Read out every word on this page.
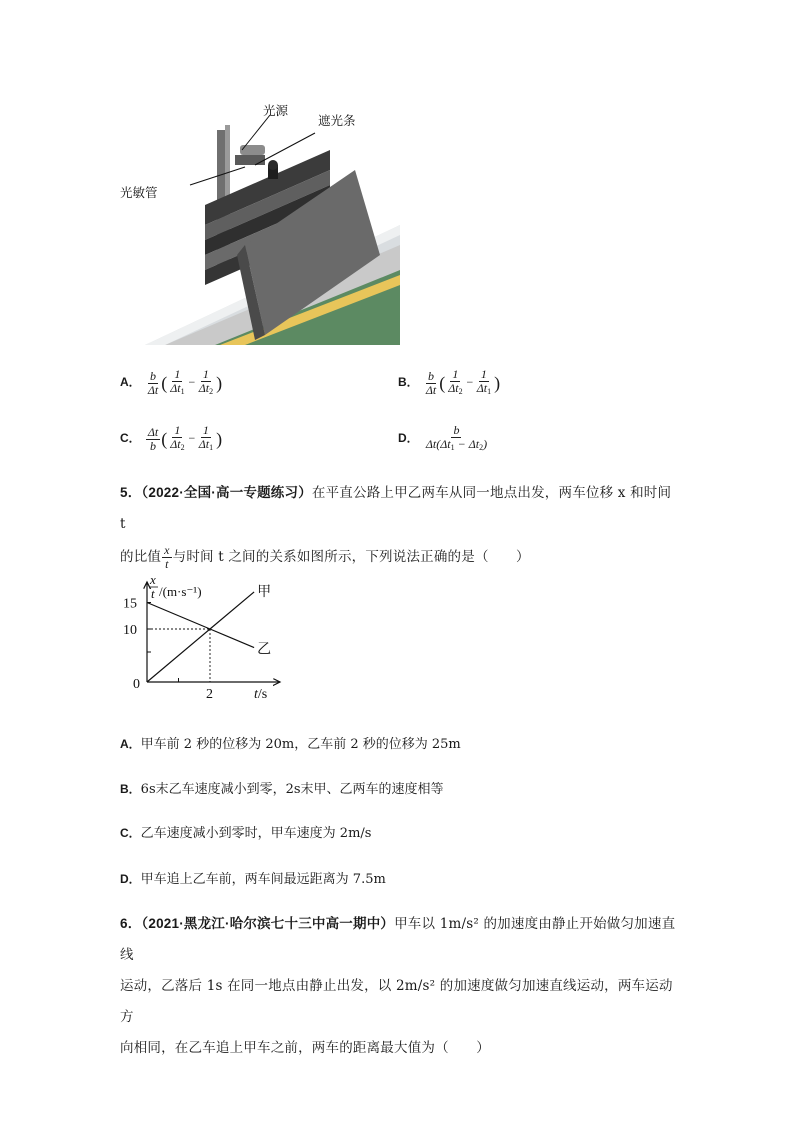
光源
遮光条
光敏管
A． $\frac{b}{\Delta t}$ ( $\frac{1}{\Delta t_1} - \frac{1}{\Delta t_2}$ )	B． $\frac{b}{\Delta t}$ ( $\frac{1}{\Delta t_2} - \frac{1}{\Delta t_1}$ )
C． $\frac{\Delta t}{b}$ ( $\frac{1}{\Delta t_2} - \frac{1}{\Delta t_1}$ )	D． $\frac{b}{\Delta t(\Delta t_1 - \Delta t_2)}$
5．（2022·全国·高一专题练习）在平直公路上甲乙两车从同一地点出发，两车位移 x 和时间 t
的比值 $\frac{x}{t}$ 与时间 t 之间的关系如图所示，下列说法正确的是（　　）
甲
乙
15
10
0
2	t/s
x
t /(m·s⁻¹)
A．甲车前 2 秒的位移为 20m，乙车前 2 秒的位移为 25m
B．6s末乙车速度减小到零，2s末甲、乙两车的速度相等
C．乙车速度减小到零时，甲车速度为 2m/s
D．甲车追上乙车前，两车间最远距离为 7.5m
6．（2021·黑龙江·哈尔滨七十三中高一期中）甲车以 1m/s² 的加速度由静止开始做匀加速直线
运动，乙落后 1s 在同一地点由静止出发，以 2m/s² 的加速度做匀加速直线运动，两车运动方
向相同，在乙车追上甲车之前，两车的距离最大值为（　　）
